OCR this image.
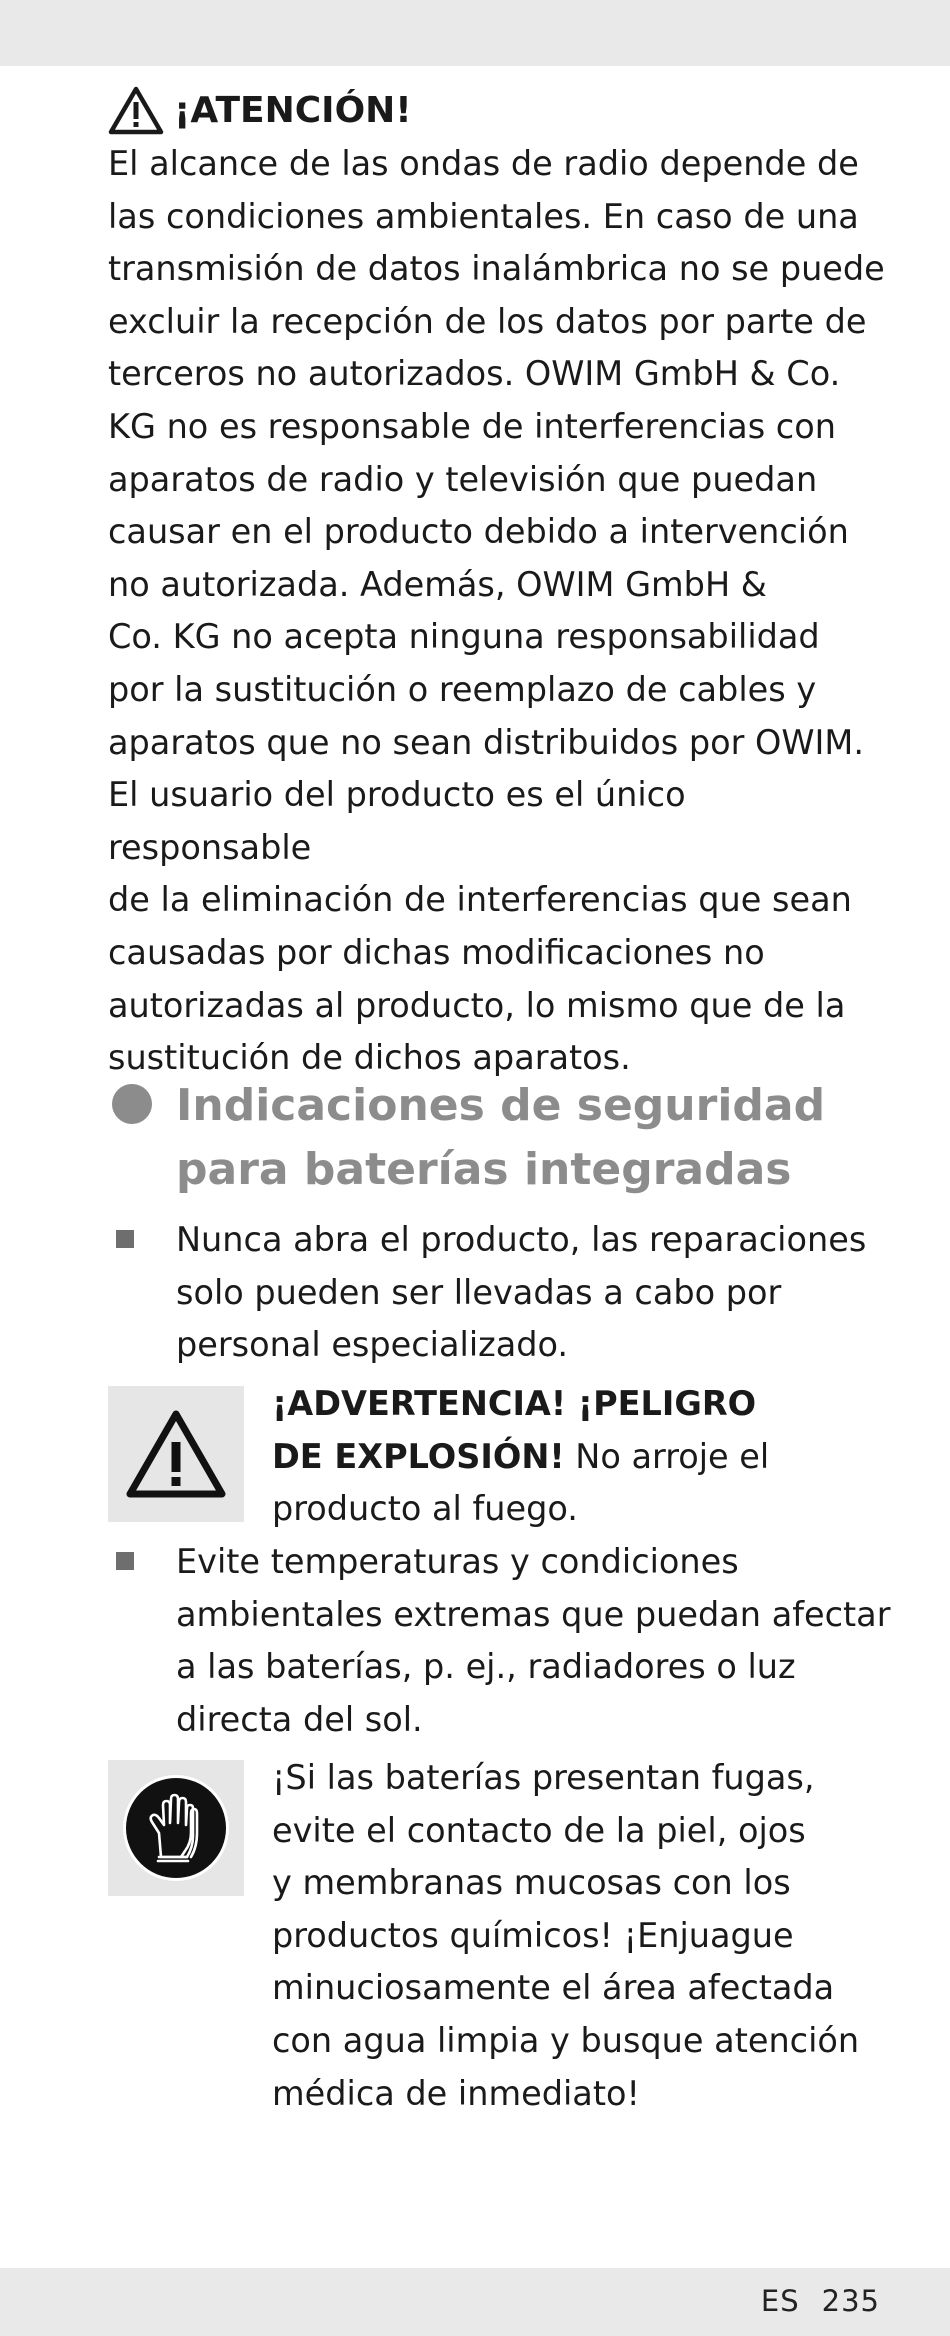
¡ATENCIÓN!

El alcance de las ondas de radio depende de
las condiciones ambientales. En caso de una
transmisión de datos inalámbrica no se puede
excluir la recepción de los datos por parte de
terceros no autorizados. OWIM GmbH & Co.
KG no es responsable de interferencias con
aparatos de radio y televisión que puedan
causar en el producto debido a intervención
no autorizada. Además, OWIM GmbH &
Co. KG no acepta ninguna responsabilidad
por la sustitución o reemplazo de cables y
aparatos que no sean distribuidos por OWIM.
El usuario del producto es el único responsable
de la eliminación de interferencias que sean
causadas por dichas modificaciones no
autorizadas al producto, lo mismo que de la
sustitución de dichos aparatos.

Indicaciones de seguridad
para baterías integradas
Nunca abra el producto, las reparaciones
solo pueden ser llevadas a cabo por
personal especializado.
¡ADVERTENCIA! ¡PELIGRO
DE EXPLOSIÓN! No arroje el
producto al fuego.
Evite temperaturas y condiciones
ambientales extremas que puedan afectar
a las baterías, p. ej., radiadores o luz
directa del sol.
¡Si las baterías presentan fugas,
evite el contacto de la piel, ojos
y membranas mucosas con los
productos químicos! ¡Enjuague
minuciosamente el área afectada
con agua limpia y busque atención
médica de inmediato!
ES 235
